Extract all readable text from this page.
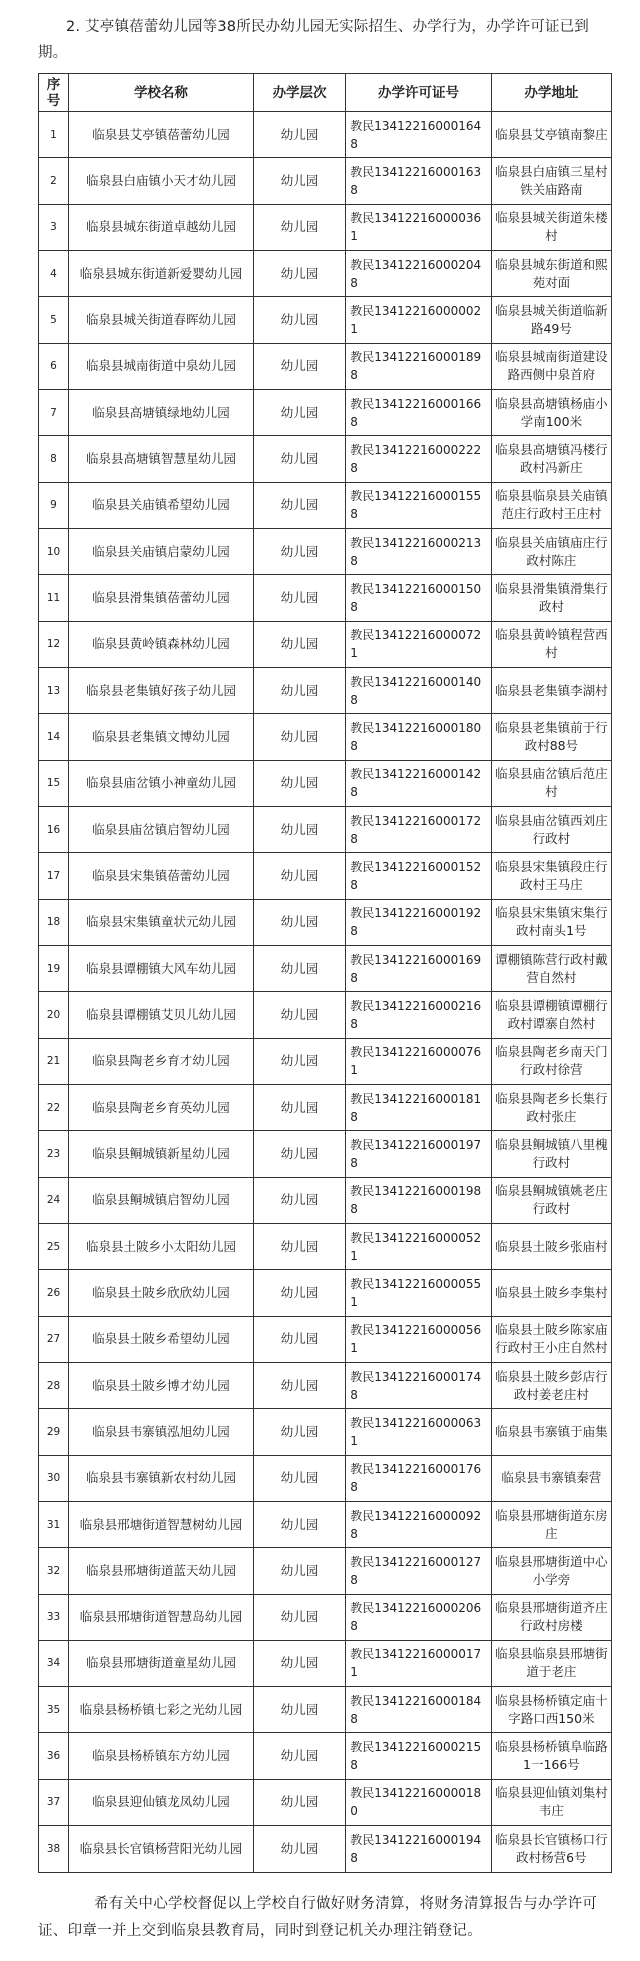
2. 艾亭镇蓓蕾幼儿园等38所民办幼儿园无实际招生、办学行为，办学许可证已到期。

序号	学校名称	办学层次	办学许可证号	办学地址
1	临泉县艾亭镇蓓蕾幼儿园	幼儿园	教民134122160001648	临泉县艾亭镇南黎庄
2	临泉县白庙镇小天才幼儿园	幼儿园	教民134122160001638	临泉县白庙镇三星村铁关庙路南
3	临泉县城东街道卓越幼儿园	幼儿园	教民134122160000361	临泉县城关街道朱楼村
4	临泉县城东街道新爱婴幼儿园	幼儿园	教民134122160002048	临泉县城东街道和熙苑对面
5	临泉县城关街道春晖幼儿园	幼儿园	教民134122160000021	临泉县城关街道临新路49号
6	临泉县城南街道中泉幼儿园	幼儿园	教民134122160001898	临泉县城南街道建设路西侧中泉首府
7	临泉县高塘镇绿地幼儿园	幼儿园	教民134122160001668	临泉县高塘镇杨庙小学南100米
8	临泉县高塘镇智慧星幼儿园	幼儿园	教民134122160002228	临泉县高塘镇冯楼行政村冯新庄
9	临泉县关庙镇希望幼儿园	幼儿园	教民134122160001558	临泉县临泉县关庙镇范庄行政村王庄村
10	临泉县关庙镇启蒙幼儿园	幼儿园	教民134122160002138	临泉县关庙镇庙庄行政村陈庄
11	临泉县滑集镇蓓蕾幼儿园	幼儿园	教民134122160001508	临泉县滑集镇滑集行政村
12	临泉县黄岭镇森林幼儿园	幼儿园	教民134122160000721	临泉县黄岭镇程营西村
13	临泉县老集镇好孩子幼儿园	幼儿园	教民134122160001408	临泉县老集镇李湖村
14	临泉县老集镇文博幼儿园	幼儿园	教民134122160001808	临泉县老集镇前于行政村88号
15	临泉县庙岔镇小神童幼儿园	幼儿园	教民134122160001428	临泉县庙岔镇后范庄村
16	临泉县庙岔镇启智幼儿园	幼儿园	教民134122160001728	临泉县庙岔镇西刘庄行政村
17	临泉县宋集镇蓓蕾幼儿园	幼儿园	教民134122160001528	临泉县宋集镇段庄行政村王马庄
18	临泉县宋集镇童状元幼儿园	幼儿园	教民134122160001928	临泉县宋集镇宋集行政村南头1号
19	临泉县谭棚镇大风车幼儿园	幼儿园	教民134122160001698	谭棚镇陈营行政村戴营自然村
20	临泉县谭棚镇艾贝儿幼儿园	幼儿园	教民134122160002168	临泉县谭棚镇谭棚行政村谭寨自然村
21	临泉县陶老乡育才幼儿园	幼儿园	教民134122160000761	临泉县陶老乡南天门行政村徐营
22	临泉县陶老乡育英幼儿园	幼儿园	教民134122160001818	临泉县陶老乡长集行政村张庄
23	临泉县鲖城镇新星幼儿园	幼儿园	教民134122160001978	临泉县鲖城镇八里槐行政村
24	临泉县鲖城镇启智幼儿园	幼儿园	教民134122160001988	临泉县鲖城镇姚老庄行政村
25	临泉县土陂乡小太阳幼儿园	幼儿园	教民134122160000521	临泉县土陂乡张庙村
26	临泉县土陂乡欣欣幼儿园	幼儿园	教民134122160000551	临泉县土陂乡李集村
27	临泉县土陂乡希望幼儿园	幼儿园	教民134122160000561	临泉县土陂乡陈家庙行政村王小庄自然村
28	临泉县土陂乡博才幼儿园	幼儿园	教民134122160001748	临泉县土陂乡彭店行政村姜老庄村
29	临泉县韦寨镇泓旭幼儿园	幼儿园	教民134122160000631	临泉县韦寨镇于庙集
30	临泉县韦寨镇新农村幼儿园	幼儿园	教民134122160001768	临泉县韦寨镇秦营
31	临泉县邢塘街道智慧树幼儿园	幼儿园	教民134122160000928	临泉县邢塘街道东房庄
32	临泉县邢塘街道蓝天幼儿园	幼儿园	教民134122160001278	临泉县邢塘街道中心小学旁
33	临泉县邢塘街道智慧岛幼儿园	幼儿园	教民134122160002068	临泉县邢塘街道齐庄行政村房楼
34	临泉县邢塘街道童星幼儿园	幼儿园	教民134122160000171	临泉县临泉县邢塘街道于老庄
35	临泉县杨桥镇七彩之光幼儿园	幼儿园	教民134122160001848	临泉县杨桥镇定庙十字路口西150米
36	临泉县杨桥镇东方幼儿园	幼儿园	教民134122160002158	临泉县杨桥镇阜临路1一166号
37	临泉县迎仙镇龙凤幼儿园	幼儿园	教民134122160000180	临泉县迎仙镇刘集村韦庄
38	临泉县长官镇杨营阳光幼儿园	幼儿园	教民134122160001948	临泉县长官镇杨口行政村杨营6号

希有关中心学校督促以上学校自行做好财务清算，将财务清算报告与办学许可证、印章一并上交到临泉县教育局，同时到登记机关办理注销登记。
